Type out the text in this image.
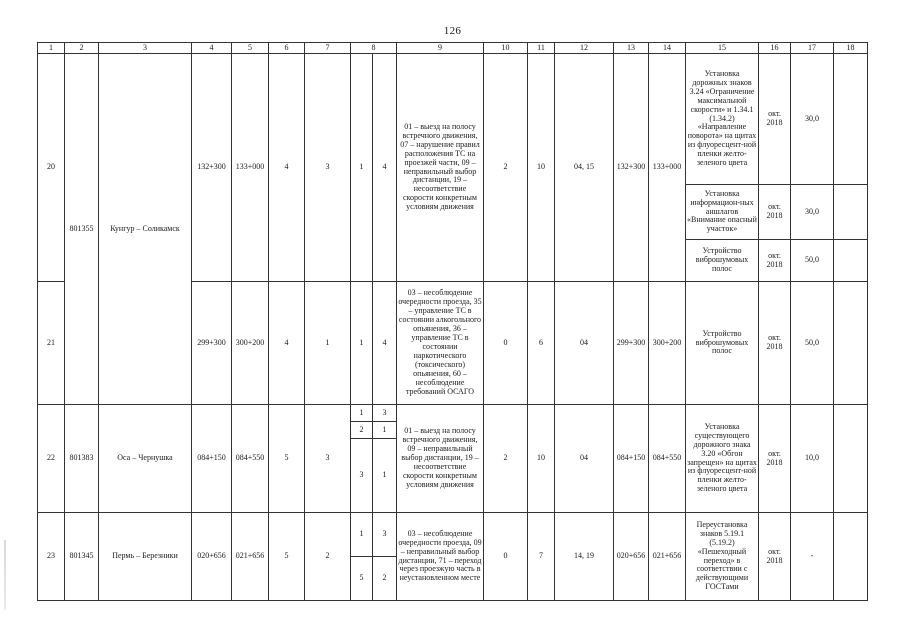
126
1	2	3	4	5	6	7	8		9	10	11	12	13	14	15	16	17	18
20	801355	Кунгур – Соликамск	132+300	133+000	4	3	1	4	01 – выезд на полосу встречного движения, 07 – нарушение правил расположения ТС на проезжей части, 09 – неправильный выбор дистанции, 19 – несоответствие скорости конкретным условиям движения	2	10	04, 15	132+300	133+000	Установка дорожных знаков 3.24 «Ограничение максимальной скорости» и 1.34.1 (1.34.2) «Направление поворота» на щитах из флуоресцент-ной пленки желто-зеленого цвета	окт. 2018	30,0	
															Установка информацион-ных аншлагов «Внимание опасный участок»	окт. 2018	30,0	
															Устройство виброшумовых полос	окт. 2018	50,0	
21			299+300	300+200	4	1	1	4	03 – несоблюдение очередности проезда, 35 – управление ТС в состоянии алкогольного опьянения, 36 – управление ТС в состоянии наркотического (токсического) опьянения, 60 – несоблюдение требований ОСАГО	0	6	04	299+300	300+200	Устройство виброшумовых полос	окт. 2018	50,0	
22	801383	Оса – Чернушка	084+150	084+550	5	3	1	3	01 – выезд на полосу встречного движения, 09 – неправильный выбор дистанции, 19 – несоответствие скорости конкретным условиям движения	2	10	04	084+150	084+550	Установка существующего дорожного знака 3.20 «Обгон запрещен» на щитах из флуоресцент-ной пленки желто-зеленого цвета	окт. 2018	10,0	
							2	1										
							3	1										
23	801345	Пермь – Березники	020+656	021+656	5	2	1	3	03 – несоблюдение очередности проезда, 09 – неправильный выбор дистанции, 71 – переход через проезжую часть в неустановленном месте	0	7	14, 19	020+656	021+656	Переустановка знаков 5.19.1 (5.19.2) «Пешеходный переход» в соответствии с действующими ГОСТами	окт. 2018	-	
							5	2										
